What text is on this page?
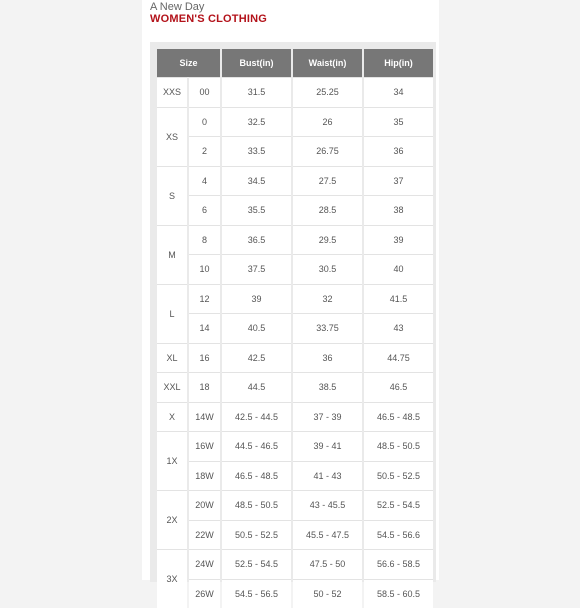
A New Day
WOMEN'S CLOTHING
Size		Bust(in)	Waist(in)	Hip(in)
XXS	00	31.5	25.25	34
XS	0	32.5	26	35
	2	33.5	26.75	36
S	4	34.5	27.5	37
	6	35.5	28.5	38
M	8	36.5	29.5	39
	10	37.5	30.5	40
L	12	39	32	41.5
	14	40.5	33.75	43
XL	16	42.5	36	44.75
XXL	18	44.5	38.5	46.5
X	14W	42.5 - 44.5	37 - 39	46.5 - 48.5
1X	16W	44.5 - 46.5	39 - 41	48.5 - 50.5
	18W	46.5 - 48.5	41 - 43	50.5 - 52.5
2X	20W	48.5 - 50.5	43 - 45.5	52.5 - 54.5
	22W	50.5 - 52.5	45.5 - 47.5	54.5 - 56.6
3X	24W	52.5 - 54.5	47.5 - 50	56.6 - 58.5
	26W	54.5 - 56.5	50 - 52	58.5 - 60.5
